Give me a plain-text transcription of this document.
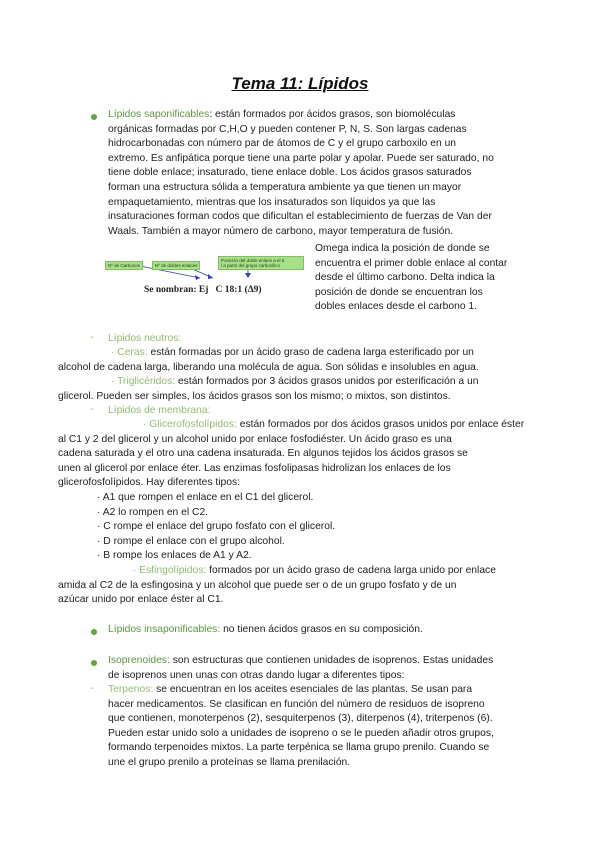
Tema 11: Lípidos

Lípidos saponificables: están formados por ácidos grasos, son biomoléculas

orgánicas formadas por C,H,O y pueden contener P, N, S. Son largas cadenas

hidrocarbonadas con número par de átomos de C y el grupo carboxilo en un

extremo. Es anfipática porque tiene una parte polar y apolar. Puede ser saturado, no

tiene doble enlace; insaturado, tiene enlace doble. Los ácidos grasos saturados

forman una estructura sólida a temperatura ambiente ya que tienen un mayor

empaquetamiento, mientras que los insaturados son líquidos ya que las

insaturaciones forman codos que dificultan el establecimiento de fuerzas de Van der

Waals. También a mayor número de carbono, mayor temperatura de fusión.

Nº de Carbonos	Nº de dobles enlaces
Posición del doble enlace a el 6
l a partir del grupo carboxílico
Se nombran: Ej   C 18:1 (Δ9)

Omega indica la posición de donde se

encuentra el primer doble enlace al contar

desde el último carbono. Delta indica la

posición de donde se encuentran los

dobles enlaces desde el carbono 1.

- Lípidos neutros:

· Ceras: están formadas por un ácido graso de cadena larga esterificado por un

alcohol de cadena larga, liberando una molécula de agua. Son sólidas e insolubles en agua.

· Triglicéridos: están formados por 3 ácidos grasos unidos por esterificación a un

glicerol. Pueden ser simples, los ácidos grasos son los mismo; o mixtos, son distintos.

- Lípidos de membrana:

· Glicerofosfolípidos: están formados por dos ácidos grasos unidos por enlace éster

al C1 y 2 del glicerol y un alcohol unido por enlace fosfodiéster. Un ácido graso es una

cadena saturada y el otro una cadena insaturada. En algunos tejidos los ácidos grasos se

unen al glicerol por enlace éter. Las enzimas fosfolipasas hidrolizan los enlaces de los

glicerofosfolípidos. Hay diferentes tipos:

· A1 que rompen el enlace en el C1 del glicerol.

· A2 lo rompen en el C2.

· C rompe el enlace del grupo fosfato con el glicerol.

· D rompe el enlace con el grupo alcohol.

· B rompe los enlaces de A1 y A2.

· Esfingolípidos: formados por un ácido graso de cadena larga unido por enlace

amida al C2 de la esfingosina y un alcohol que puede ser o de un grupo fosfato y de un

azúcar unido por enlace éster al C1.

Lípidos insaponificables: no tienen ácidos grasos en su composición.

Isoprenoides: son estructuras que contienen unidades de isoprenos. Estas unidades

de isoprenos unen unas con otras dando lugar a diferentes tipos:

- Terpenos: se encuentran en los aceites esenciales de las plantas. Se usan para

hacer medicamentos. Se clasifican en función del número de residuos de isopreno

que contienen, monoterpenos (2), sesquiterpenos (3), diterpenos (4), triterpenos (6).

Pueden estar unido solo a unidades de isopreno o se le pueden añadir otros grupos,

formando terpenoides mixtos. La parte terpénica se llama grupo prenilo. Cuando se

une el grupo prenilo a proteínas se llama prenilación.
